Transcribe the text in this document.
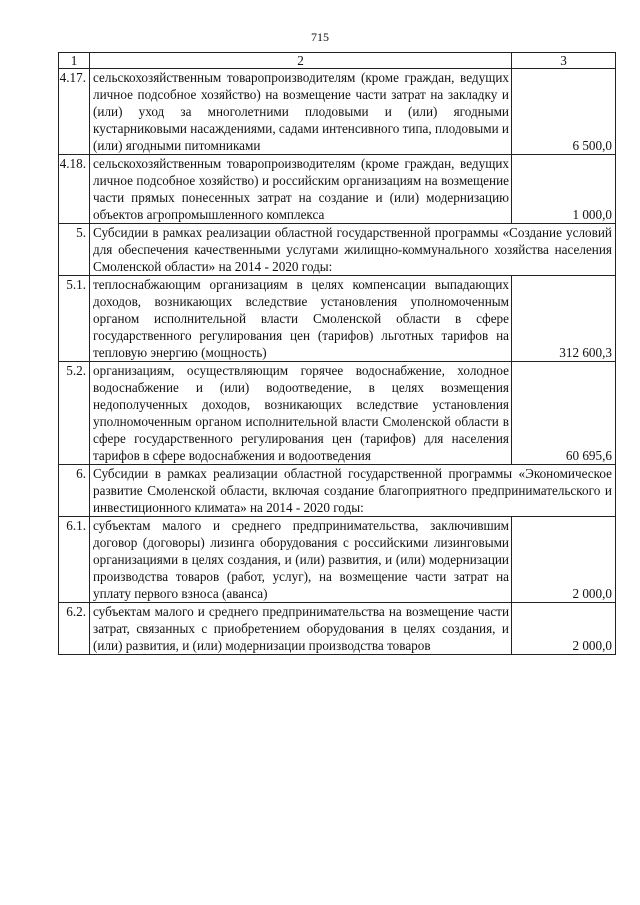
715
1	2	3
4.17.	сельскохозяйственным товаропроизводителям (кроме граждан, ведущих личное подсобное хозяйство) на возмещение части затрат на закладку и (или) уход за многолетними плодовыми и (или) ягодными кустарниковыми насаждениями, садами интенсивного типа, плодовыми и (или) ягодными питомниками	6 500,0
4.18.	сельскохозяйственным товаропроизводителям (кроме граждан, ведущих личное подсобное хозяйство) и российским организациям на возмещение части прямых понесенных затрат на создание и (или) модернизацию объектов агропромышленного комплекса	1 000,0
5.	Субсидии в рамках реализации областной государственной программы «Создание условий для обеспечения качественными услугами жилищно-коммунального хозяйства населения Смоленской области» на 2014 - 2020 годы:	
5.1.	теплоснабжающим организациям в целях компенсации выпадающих доходов, возникающих вследствие установления уполномоченным органом исполнительной власти Смоленской области в сфере государственного регулирования цен (тарифов) льготных тарифов на тепловую энергию (мощность)	312 600,3
5.2.	организациям, осуществляющим горячее водоснабжение, холодное водоснабжение и (или) водоотведение, в целях возмещения недополученных доходов, возникающих вследствие установления уполномоченным органом исполнительной власти Смоленской области в сфере государственного регулирования цен (тарифов) для населения тарифов в сфере водоснабжения и водоотведения	60 695,6
6.	Субсидии в рамках реализации областной государственной программы «Экономическое развитие Смоленской области, включая создание благоприятного предпринимательского и инвестиционного климата» на 2014 - 2020 годы:	
6.1.	субъектам малого и среднего предпринимательства, заключившим договор (договоры) лизинга оборудования с российскими лизинговыми организациями в целях создания, и (или) развития, и (или) модернизации производства товаров (работ, услуг), на возмещение части затрат на уплату первого взноса (аванса)	2 000,0
6.2.	субъектам малого и среднего предпринимательства на возмещение части затрат, связанных с приобретением оборудования в целях создания, и (или) развития, и (или) модернизации производства товаров	2 000,0
